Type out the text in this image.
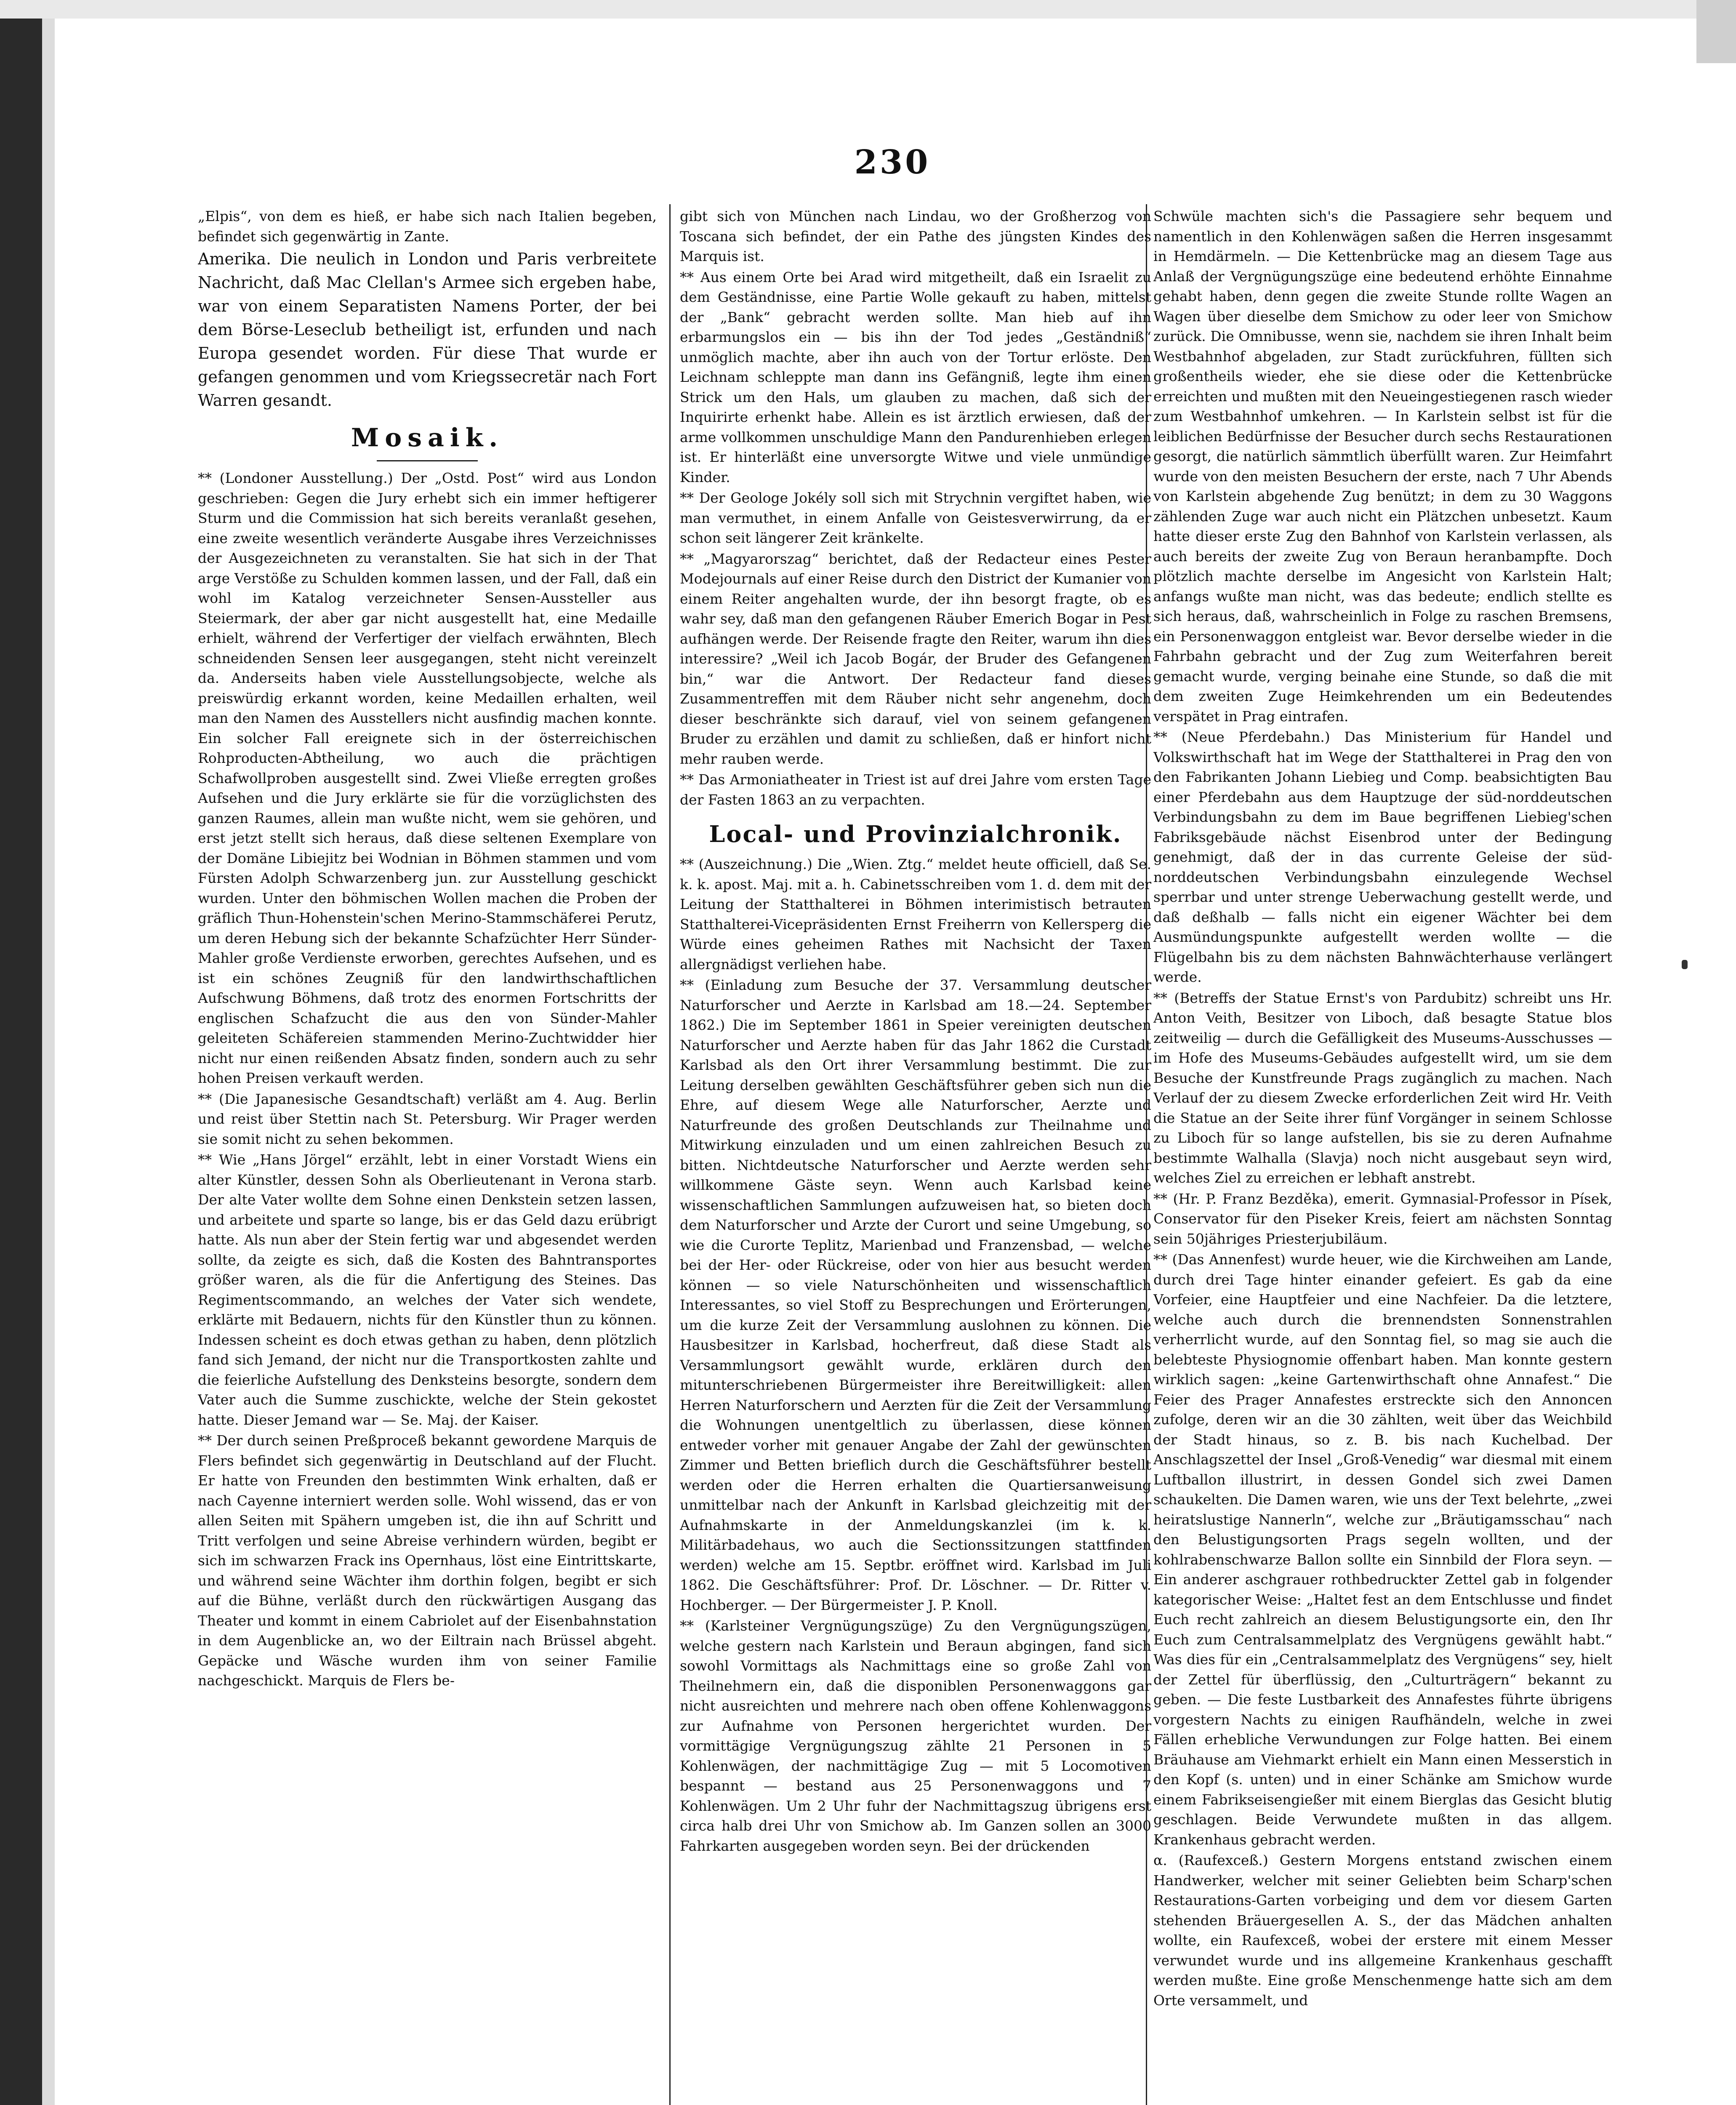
230

„Elpis“, von dem es hieß, er habe sich nach Italien begeben, befindet sich gegenwärtig in Zante.

Amerika. Die neulich in London und Paris verbreitete Nachricht, daß Mac Clellan's Armee sich ergeben habe, war von einem Separatisten Namens Porter, der bei dem Börse-Leseclub betheiligt ist, erfunden und nach Europa gesendet worden. Für diese That wurde er gefangen genommen und vom Kriegssecretär nach Fort Warren gesandt.

Mosaik.

** (Londoner Ausstellung.) Der „Ostd. Post“ wird aus London geschrieben: Gegen die Jury erhebt sich ein immer heftigerer Sturm und die Commission hat sich bereits veranlaßt gesehen, eine zweite wesentlich veränderte Ausgabe ihres Verzeichnisses der Ausgezeichneten zu veranstalten. Sie hat sich in der That arge Verstöße zu Schulden kommen lassen, und der Fall, daß ein wohl im Katalog verzeichneter Sensen-Aussteller aus Steiermark, der aber gar nicht ausgestellt hat, eine Medaille erhielt, während der Verfertiger der vielfach erwähnten, Blech schneidenden Sensen leer ausgegangen, steht nicht vereinzelt da. Anderseits haben viele Ausstellungsobjecte, welche als preiswürdig erkannt worden, keine Medaillen erhalten, weil man den Namen des Ausstellers nicht ausfindig machen konnte. Ein solcher Fall ereignete sich in der österreichischen Rohproducten-Abtheilung, wo auch die prächtigen Schafwollproben ausgestellt sind. Zwei Vließe erregten großes Aufsehen und die Jury erklärte sie für die vorzüglichsten des ganzen Raumes, allein man wußte nicht, wem sie gehören, und erst jetzt stellt sich heraus, daß diese seltenen Exemplare von der Domäne Libiejitz bei Wodnian in Böhmen stammen und vom Fürsten Adolph Schwarzenberg jun. zur Ausstellung geschickt wurden. Unter den böhmischen Wollen machen die Proben der gräflich Thun-Hohenstein'schen Merino-Stammschäferei Perutz, um deren Hebung sich der bekannte Schafzüchter Herr Sünder-Mahler große Verdienste erworben, gerechtes Aufsehen, und es ist ein schönes Zeugniß für den landwirthschaftlichen Aufschwung Böhmens, daß trotz des enormen Fortschritts der englischen Schafzucht die aus den von Sünder-Mahler geleiteten Schäfereien stammenden Merino-Zuchtwidder hier nicht nur einen reißenden Absatz finden, sondern auch zu sehr hohen Preisen verkauft werden.

** (Die Japanesische Gesandtschaft) verläßt am 4. Aug. Berlin und reist über Stettin nach St. Petersburg. Wir Prager werden sie somit nicht zu sehen bekommen.

** Wie „Hans Jörgel“ erzählt, lebt in einer Vorstadt Wiens ein alter Künstler, dessen Sohn als Oberlieutenant in Verona starb. Der alte Vater wollte dem Sohne einen Denkstein setzen lassen, und arbeitete und sparte so lange, bis er das Geld dazu erübrigt hatte. Als nun aber der Stein fertig war und abgesendet werden sollte, da zeigte es sich, daß die Kosten des Bahntransportes größer waren, als die für die Anfertigung des Steines. Das Regimentscommando, an welches der Vater sich wendete, erklärte mit Bedauern, nichts für den Künstler thun zu können. Indessen scheint es doch etwas gethan zu haben, denn plötzlich fand sich Jemand, der nicht nur die Transportkosten zahlte und die feierliche Aufstellung des Denksteins besorgte, sondern dem Vater auch die Summe zuschickte, welche der Stein gekostet hatte. Dieser Jemand war — Se. Maj. der Kaiser.

** Der durch seinen Preßproceß bekannt gewordene Marquis de Flers befindet sich gegenwärtig in Deutschland auf der Flucht. Er hatte von Freunden den bestimmten Wink erhalten, daß er nach Cayenne interniert werden solle. Wohl wissend, das er von allen Seiten mit Spähern umgeben ist, die ihn auf Schritt und Tritt verfolgen und seine Abreise verhindern würden, begibt er sich im schwarzen Frack ins Opernhaus, löst eine Eintrittskarte, und während seine Wächter ihm dorthin folgen, begibt er sich auf die Bühne, verläßt durch den rückwärtigen Ausgang das Theater und kommt in einem Cabriolet auf der Eisenbahnstation in dem Augenblicke an, wo der Eiltrain nach Brüssel abgeht. Gepäcke und Wäsche wurden ihm von seiner Familie nachgeschickt. Marquis de Flers be-

gibt sich von München nach Lindau, wo der Großherzog von Toscana sich befindet, der ein Pathe des jüngsten Kindes des Marquis ist.

** Aus einem Orte bei Arad wird mitgetheilt, daß ein Israelit zu dem Geständnisse, eine Partie Wolle gekauft zu haben, mittelst der „Bank“ gebracht werden sollte. Man hieb auf ihn erbarmungslos ein — bis ihn der Tod jedes „Geständniß“ unmöglich machte, aber ihn auch von der Tortur erlöste. Den Leichnam schleppte man dann ins Gefängniß, legte ihm einen Strick um den Hals, um glauben zu machen, daß sich der Inquirirte erhenkt habe. Allein es ist ärztlich erwiesen, daß der arme vollkommen unschuldige Mann den Pandurenhieben erlegen ist. Er hinterläßt eine unversorgte Witwe und viele unmündige Kinder.

** Der Geologe Jokély soll sich mit Strychnin vergiftet haben, wie man vermuthet, in einem Anfalle von Geistesverwirrung, da er schon seit längerer Zeit kränkelte.

** „Magyarorszag“ berichtet, daß der Redacteur eines Pester Modejournals auf einer Reise durch den District der Kumanier von einem Reiter angehalten wurde, der ihn besorgt fragte, ob es wahr sey, daß man den gefangenen Räuber Emerich Bogar in Pest aufhängen werde. Der Reisende fragte den Reiter, warum ihn dies interessire? „Weil ich Jacob Bogár, der Bruder des Gefangenen bin,“ war die Antwort. Der Redacteur fand dieses Zusammentreffen mit dem Räuber nicht sehr angenehm, doch dieser beschränkte sich darauf, viel von seinem gefangenen Bruder zu erzählen und damit zu schließen, daß er hinfort nicht mehr rauben werde.

** Das Armoniatheater in Triest ist auf drei Jahre vom ersten Tage der Fasten 1863 an zu verpachten.

Local- und Provinzialchronik.

** (Auszeichnung.) Die „Wien. Ztg.“ meldet heute officiell, daß Se. k. k. apost. Maj. mit a. h. Cabinetsschreiben vom 1. d. dem mit der Leitung der Statthalterei in Böhmen interimistisch betrauten Statthalterei-Vicepräsidenten Ernst Freiherrn von Kellersperg die Würde eines geheimen Rathes mit Nachsicht der Taxen allergnädigst verliehen habe.

** (Einladung zum Besuche der 37. Versammlung deutscher Naturforscher und Aerzte in Karlsbad am 18.—24. September 1862.) Die im September 1861 in Speier vereinigten deutschen Naturforscher und Aerzte haben für das Jahr 1862 die Curstadt Karlsbad als den Ort ihrer Versammlung bestimmt. Die zur Leitung derselben gewählten Geschäftsführer geben sich nun die Ehre, auf diesem Wege alle Naturforscher, Aerzte und Naturfreunde des großen Deutschlands zur Theilnahme und Mitwirkung einzuladen und um einen zahlreichen Besuch zu bitten. Nichtdeutsche Naturforscher und Aerzte werden sehr willkommene Gäste seyn. Wenn auch Karlsbad keine wissenschaftlichen Sammlungen aufzuweisen hat, so bieten doch dem Naturforscher und Arzte der Curort und seine Umgebung, so wie die Curorte Teplitz, Marienbad und Franzensbad, — welche bei der Her- oder Rückreise, oder von hier aus besucht werden können — so viele Naturschönheiten und wissenschaftlich Interessantes, so viel Stoff zu Besprechungen und Erörterungen, um die kurze Zeit der Versammlung auslohnen zu können. Die Hausbesitzer in Karlsbad, hocherfreut, daß diese Stadt als Versammlungsort gewählt wurde, erklären durch den mitunterschriebenen Bürgermeister ihre Bereitwilligkeit: allen Herren Naturforschern und Aerzten für die Zeit der Versammlung die Wohnungen unentgeltlich zu überlassen, diese können entweder vorher mit genauer Angabe der Zahl der gewünschten Zimmer und Betten brieflich durch die Geschäftsführer bestellt werden oder die Herren erhalten die Quartiersanweisung unmittelbar nach der Ankunft in Karlsbad gleichzeitig mit der Aufnahmskarte in der Anmeldungskanzlei (im k. k. Militärbadehaus, wo auch die Sectionssitzungen stattfinden werden) welche am 15. Septbr. eröffnet wird. Karlsbad im Juli 1862. Die Geschäftsführer: Prof. Dr. Löschner. — Dr. Ritter v. Hochberger. — Der Bürgermeister J. P. Knoll.

** (Karlsteiner Vergnügungszüge) Zu den Vergnügungszügen, welche gestern nach Karlstein und Beraun abgingen, fand sich sowohl Vormittags als Nachmittags eine so große Zahl von Theilnehmern ein, daß die disponiblen Personenwaggons gar nicht ausreichten und mehrere nach oben offene Kohlenwaggons zur Aufnahme von Personen hergerichtet wurden. Der vormittägige Vergnügungszug zählte 21 Personen in 5 Kohlenwägen, der nachmittägige Zug — mit 5 Locomotiven bespannt — bestand aus 25 Personenwaggons und 7 Kohlenwägen. Um 2 Uhr fuhr der Nachmittagszug übrigens erst circa halb drei Uhr von Smichow ab. Im Ganzen sollen an 3000 Fahrkarten ausgegeben worden seyn. Bei der drückenden

Schwüle machten sich's die Passagiere sehr bequem und namentlich in den Kohlenwägen saßen die Herren insgesammt in Hemdärmeln. — Die Kettenbrücke mag an diesem Tage aus Anlaß der Vergnügungszüge eine bedeutend erhöhte Einnahme gehabt haben, denn gegen die zweite Stunde rollte Wagen an Wagen über dieselbe dem Smichow zu oder leer von Smichow zurück. Die Omnibusse, wenn sie, nachdem sie ihren Inhalt beim Westbahnhof abgeladen, zur Stadt zurückfuhren, füllten sich großentheils wieder, ehe sie diese oder die Kettenbrücke erreichten und mußten mit den Neueingestiegenen rasch wieder zum Westbahnhof umkehren. — In Karlstein selbst ist für die leiblichen Bedürfnisse der Besucher durch sechs Restaurationen gesorgt, die natürlich sämmtlich überfüllt waren. Zur Heimfahrt wurde von den meisten Besuchern der erste, nach 7 Uhr Abends von Karlstein abgehende Zug benützt; in dem zu 30 Waggons zählenden Zuge war auch nicht ein Plätzchen unbesetzt. Kaum hatte dieser erste Zug den Bahnhof von Karlstein verlassen, als auch bereits der zweite Zug von Beraun heranbampfte. Doch plötzlich machte derselbe im Angesicht von Karlstein Halt; anfangs wußte man nicht, was das bedeute; endlich stellte es sich heraus, daß, wahrscheinlich in Folge zu raschen Bremsens, ein Personenwaggon entgleist war. Bevor derselbe wieder in die Fahrbahn gebracht und der Zug zum Weiterfahren bereit gemacht wurde, verging beinahe eine Stunde, so daß die mit dem zweiten Zuge Heimkehrenden um ein Bedeutendes verspätet in Prag eintrafen.

** (Neue Pferdebahn.) Das Ministerium für Handel und Volkswirthschaft hat im Wege der Statthalterei in Prag den von den Fabrikanten Johann Liebieg und Comp. beabsichtigten Bau einer Pferdebahn aus dem Hauptzuge der süd-norddeutschen Verbindungsbahn zu dem im Baue begriffenen Liebieg'schen Fabriksgebäude nächst Eisenbrod unter der Bedingung genehmigt, daß der in das currente Geleise der süd-norddeutschen Verbindungsbahn einzulegende Wechsel sperrbar und unter strenge Ueberwachung gestellt werde, und daß deßhalb — falls nicht ein eigener Wächter bei dem Ausmündungspunkte aufgestellt werden wollte — die Flügelbahn bis zu dem nächsten Bahnwächterhause verlängert werde.

** (Betreffs der Statue Ernst's von Pardubitz) schreibt uns Hr. Anton Veith, Besitzer von Liboch, daß besagte Statue blos zeitweilig — durch die Gefälligkeit des Museums-Ausschusses — im Hofe des Museums-Gebäudes aufgestellt wird, um sie dem Besuche der Kunstfreunde Prags zugänglich zu machen. Nach Verlauf der zu diesem Zwecke erforderlichen Zeit wird Hr. Veith die Statue an der Seite ihrer fünf Vorgänger in seinem Schlosse zu Liboch für so lange aufstellen, bis sie zu deren Aufnahme bestimmte Walhalla (Slavja) noch nicht ausgebaut seyn wird, welches Ziel zu erreichen er lebhaft anstrebt.

** (Hr. P. Franz Bezděka), emerit. Gymnasial-Professor in Písek, Conservator für den Piseker Kreis, feiert am nächsten Sonntag sein 50jähriges Priesterjubiläum.

** (Das Annenfest) wurde heuer, wie die Kirchweihen am Lande, durch drei Tage hinter einander gefeiert. Es gab da eine Vorfeier, eine Hauptfeier und eine Nachfeier. Da die letztere, welche auch durch die brennendsten Sonnenstrahlen verherrlicht wurde, auf den Sonntag fiel, so mag sie auch die belebteste Physiognomie offenbart haben. Man konnte gestern wirklich sagen: „keine Gartenwirthschaft ohne Annafest.“ Die Feier des Prager Annafestes erstreckte sich den Annoncen zufolge, deren wir an die 30 zählten, weit über das Weichbild der Stadt hinaus, so z. B. bis nach Kuchelbad. Der Anschlagszettel der Insel „Groß-Venedig“ war diesmal mit einem Luftballon illustrirt, in dessen Gondel sich zwei Damen schaukelten. Die Damen waren, wie uns der Text belehrte, „zwei heiratslustige Nannerln“, welche zur „Bräutigamsschau“ nach den Belustigungsorten Prags segeln wollten, und der kohlrabenschwarze Ballon sollte ein Sinnbild der Flora seyn. — Ein anderer aschgrauer rothbedruckter Zettel gab in folgender kategorischer Weise: „Haltet fest an dem Entschlusse und findet Euch recht zahlreich an diesem Belustigungsorte ein, den Ihr Euch zum Centralsammelplatz des Vergnügens gewählt habt.“ Was dies für ein „Centralsammelplatz des Vergnügens“ sey, hielt der Zettel für überflüssig, den „Culturträgern“ bekannt zu geben. — Die feste Lustbarkeit des Annafestes führte übrigens vorgestern Nachts zu einigen Raufhändeln, welche in zwei Fällen erhebliche Verwundungen zur Folge hatten. Bei einem Bräuhause am Viehmarkt erhielt ein Mann einen Messerstich in den Kopf (s. unten) und in einer Schänke am Smichow wurde einem Fabrikseisengießer mit einem Bierglas das Gesicht blutig geschlagen. Beide Verwundete mußten in das allgem. Krankenhaus gebracht werden.

α. (Raufexceß.) Gestern Morgens entstand zwischen einem Handwerker, welcher mit seiner Geliebten beim Scharp'schen Restaurations-Garten vorbeiging und dem vor diesem Garten stehenden Bräuergesellen A. S., der das Mädchen anhalten wollte, ein Raufexceß, wobei der erstere mit einem Messer verwundet wurde und ins allgemeine Krankenhaus geschafft werden mußte. Eine große Menschenmenge hatte sich am dem Orte versammelt, und
